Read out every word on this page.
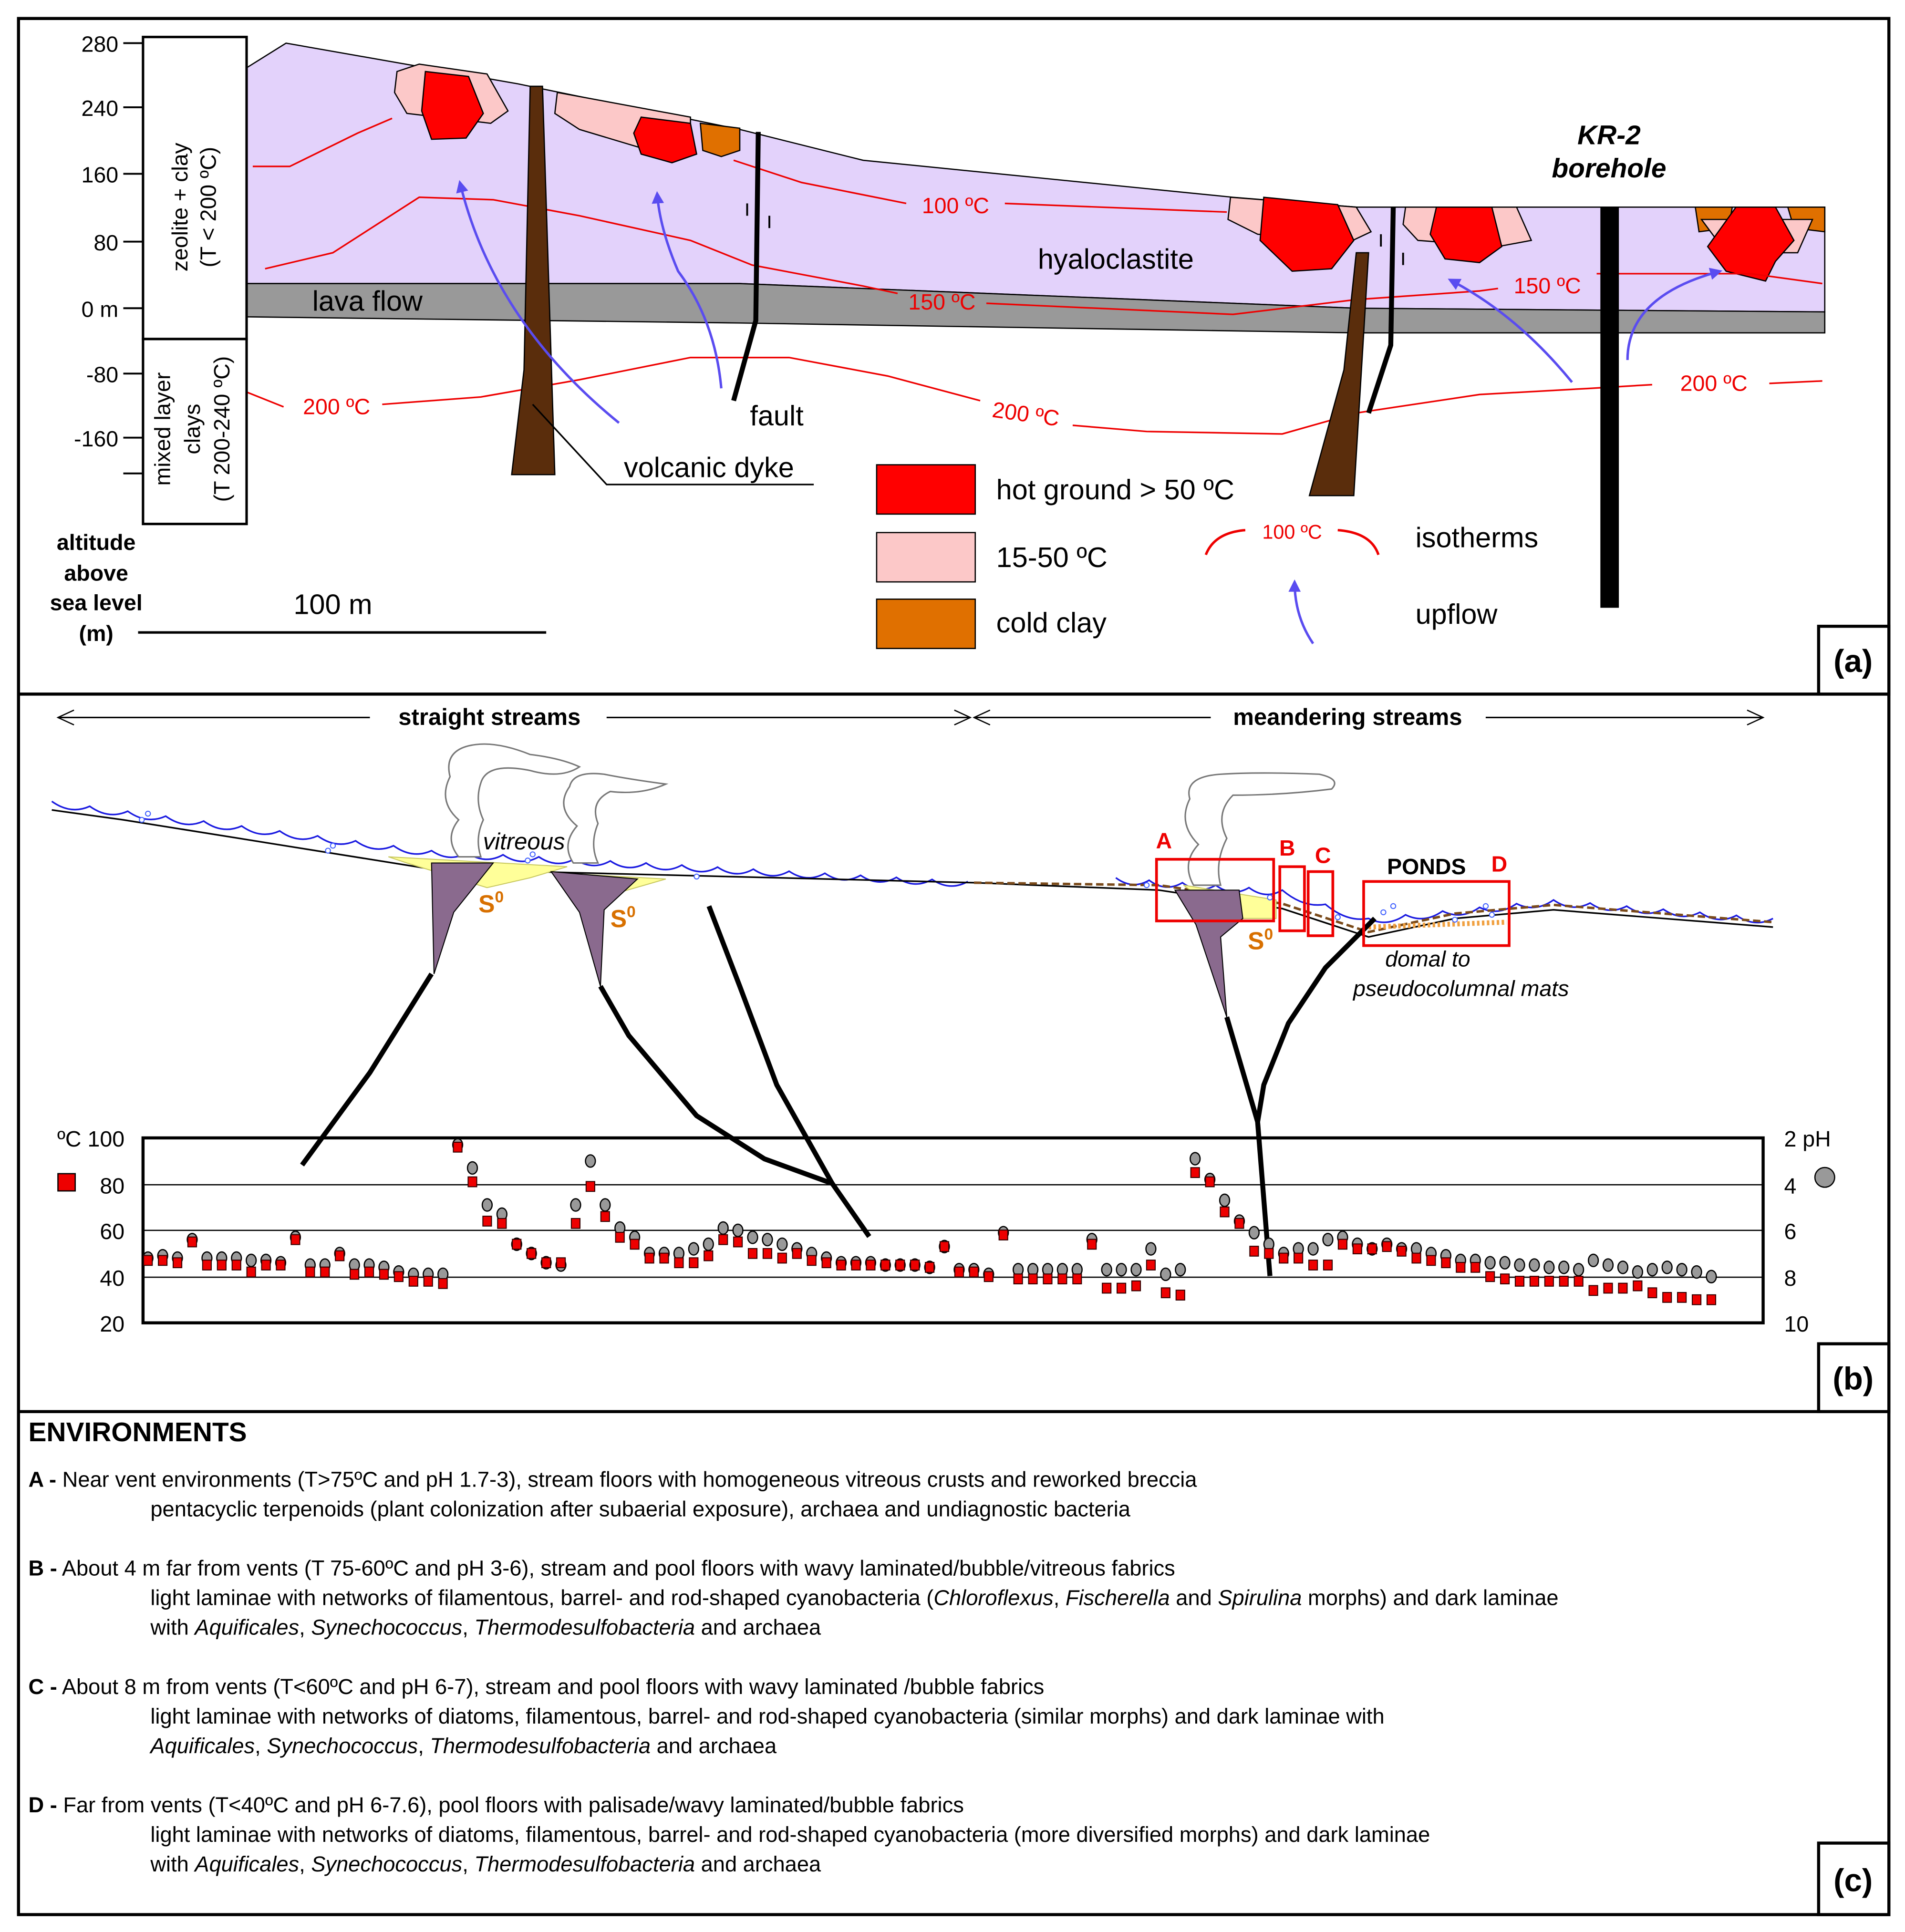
(a)
(b)
(c)
100 ºC
150 ºC
150 ºC
200 ºC	200 ºC
200 ºC
KR-2
borehole
lava flow
hyaloclastite
fault
volcanic dyke
280
240
160
80
0 m
-80
-160
zeolite + clay (T < 200 ºC)
mixed layer clays (T 200-240 ºC)
altitude
above
sea level
(m)
100 m
hot ground > 50 ºC
15-50 ºC
cold clay
100 ºC	isotherms
upflow
straight streams	meandering streams
vitreous
$S^0$
$S^0$
$S^0$
A	B C	D
PONDS
domal to
pseudocolumnal mats
ºC 100
80
60
40
20
2 pH
4
6
8
10
ENVIRONMENTS
A - Near vent environments (T>75ºC and pH 1.7-3), stream floors with homogeneous vitreous crusts and reworked breccia
pentacyclic terpenoids (plant colonization after subaerial exposure), archaea and undiagnostic bacteria
B - About 4 m far from vents (T 75-60ºC and pH 3-6), stream and pool floors with wavy laminated/bubble/vitreous fabrics
light laminae with networks of filamentous, barrel- and rod-shaped cyanobacteria (Chloroflexus, Fischerella and Spirulina morphs) and dark laminae
with Aquificales, Synechococcus, Thermodesulfobacteria and archaea
C - About 8 m from vents (T<60ºC and pH 6-7), stream and pool floors with wavy laminated /bubble fabrics
light laminae with networks of diatoms, filamentous, barrel- and rod-shaped cyanobacteria (similar morphs) and dark laminae with
Aquificales, Synechococcus, Thermodesulfobacteria and archaea
D - Far from vents (T<40ºC and pH 6-7.6), pool floors with palisade/wavy laminated/bubble fabrics
light laminae with networks of diatoms, filamentous, barrel- and rod-shaped cyanobacteria (more diversified morphs) and dark laminae
with Aquificales, Synechococcus, Thermodesulfobacteria and archaea
